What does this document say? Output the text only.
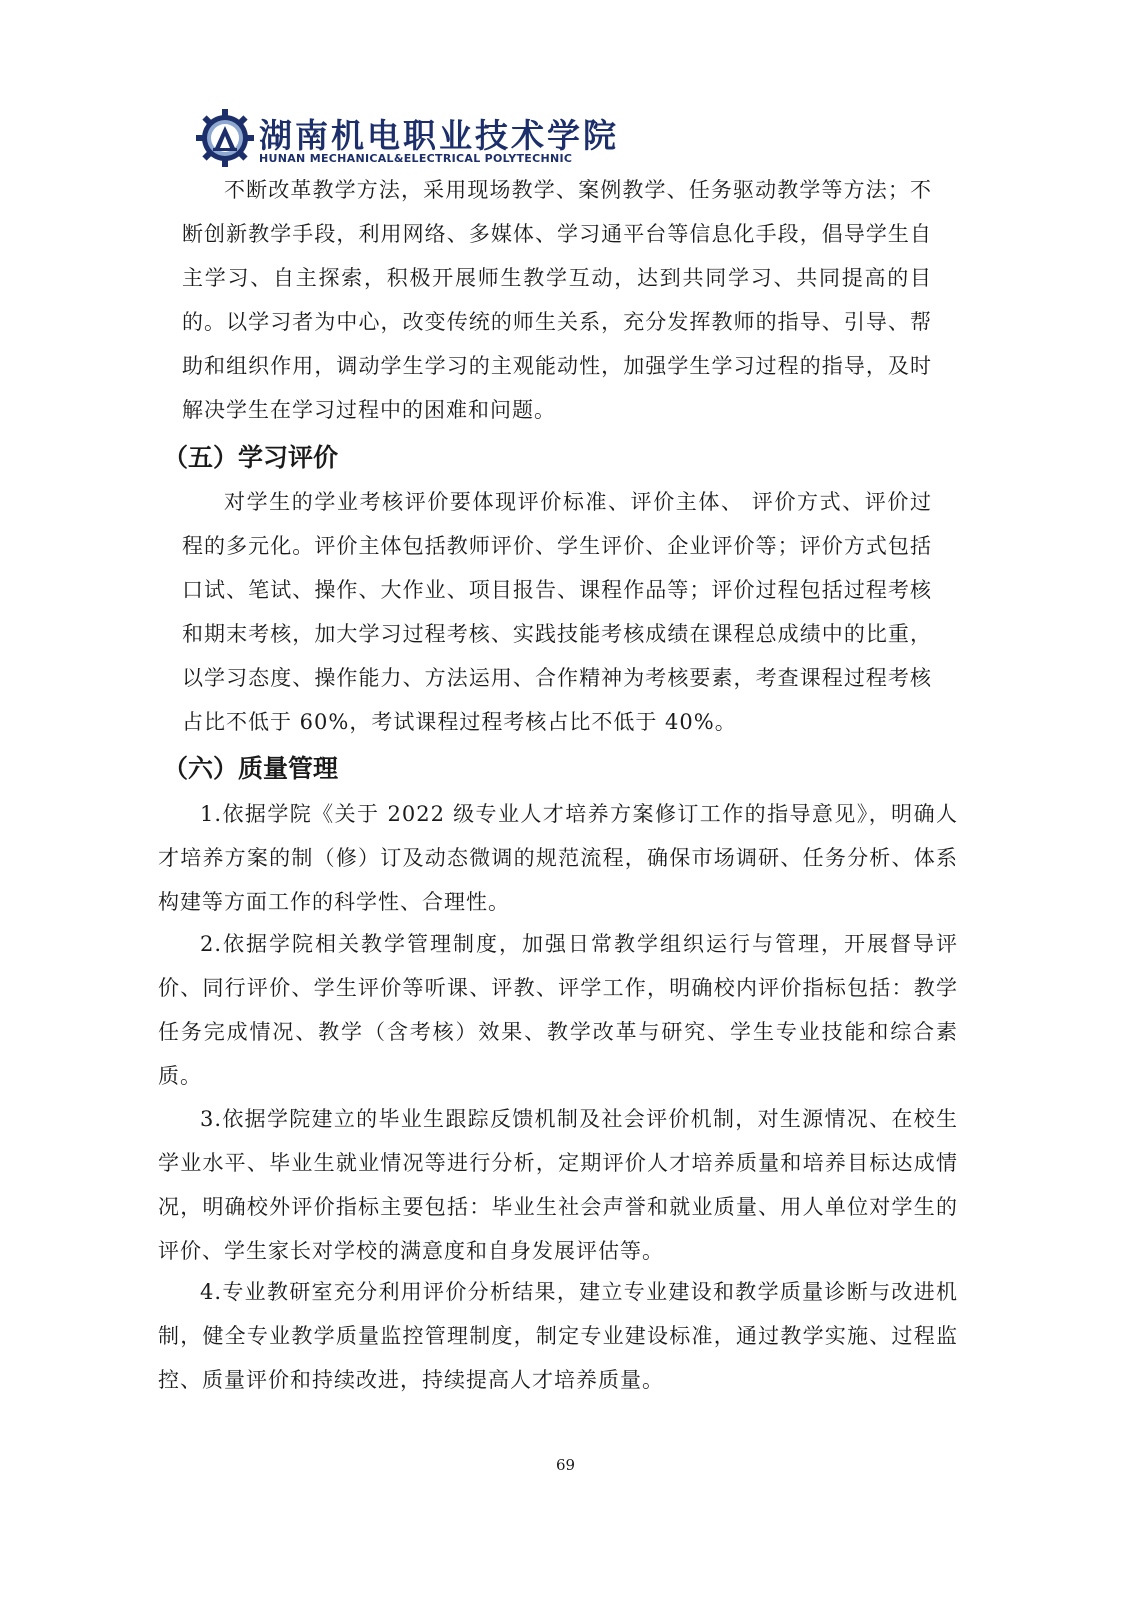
湖南机电职业技术学院
HUNAN MECHANICAL&ELECTRICAL POLYTECHNIC

不断改革教学方法，采用现场教学、案例教学、任务驱动教学等方法；不断创新教学手段，利用网络、多媒体、学习通平台等信息化手段，倡导学生自主学习、自主探索，积极开展师生教学互动，达到共同学习、共同提高的目的。以学习者为中心，改变传统的师生关系，充分发挥教师的指导、引导、帮助和组织作用，调动学生学习的主观能动性，加强学生学习过程的指导，及时解决学生在学习过程中的困难和问题。

（五）学习评价

对学生的学业考核评价要体现评价标准、评价主体、 评价方式、评价过程的多元化。评价主体包括教师评价、学生评价、企业评价等；评价方式包括口试、笔试、操作、大作业、项目报告、课程作品等；评价过程包括过程考核和期末考核，加大学习过程考核、实践技能考核成绩在课程总成绩中的比重，以学习态度、操作能力、方法运用、合作精神为考核要素，考查课程过程考核占比不低于 60%，考试课程过程考核占比不低于 40%。

（六）质量管理

1.依据学院《关于 2022 级专业人才培养方案修订工作的指导意见》，明确人才培养方案的制（修）订及动态微调的规范流程，确保市场调研、任务分析、体系构建等方面工作的科学性、合理性。

2.依据学院相关教学管理制度，加强日常教学组织运行与管理，开展督导评价、同行评价、学生评价等听课、评教、评学工作，明确校内评价指标包括：教学任务完成情况、教学（含考核）效果、教学改革与研究、学生专业技能和综合素质。

3.依据学院建立的毕业生跟踪反馈机制及社会评价机制，对生源情况、在校生学业水平、毕业生就业情况等进行分析，定期评价人才培养质量和培养目标达成情况，明确校外评价指标主要包括：毕业生社会声誉和就业质量、用人单位对学生的评价、学生家长对学校的满意度和自身发展评估等。

4.专业教研室充分利用评价分析结果，建立专业建设和教学质量诊断与改进机制，健全专业教学质量监控管理制度，制定专业建设标准，通过教学实施、过程监控、质量评价和持续改进，持续提高人才培养质量。

69
